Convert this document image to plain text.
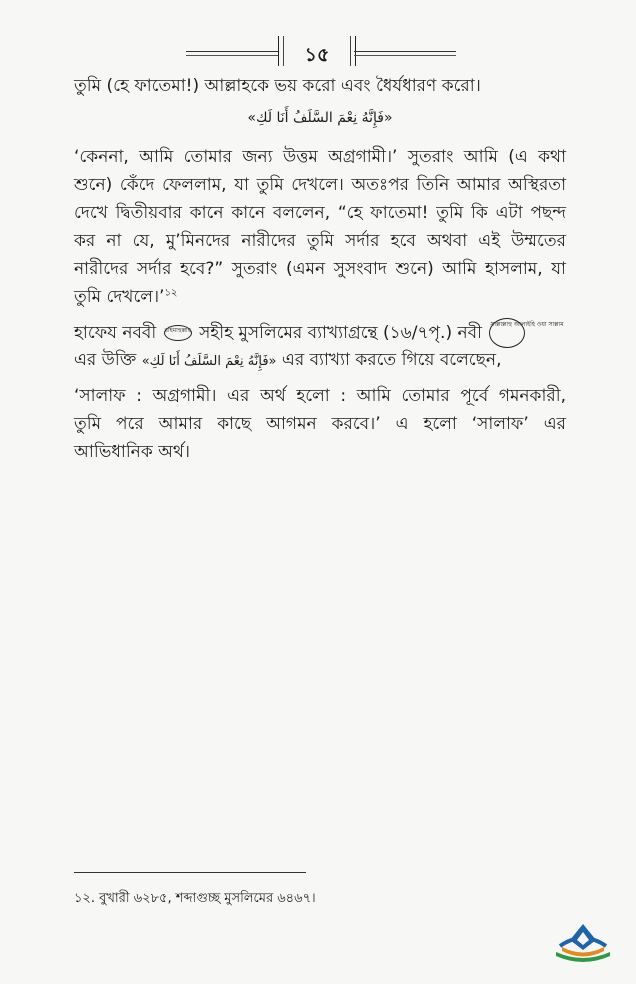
১৫
তুমি (হে ফাতেমা!) আল্লাহকে ভয় করো এবং ধৈর্যধারণ করো।
«فَإِنَّهُ نِعْمَ السَّلَفُ أَنَا لَكِ»
‘কেননা, আমি তোমার জন্য উত্তম অগ্রগামী।’ সুতরাং আমি (এ কথা
শুনে) কেঁদে ফেললাম, যা তুমি দেখলে। অতঃপর তিনি আমার অস্থিরতা
দেখে দ্বিতীয়বার কানে কানে বললেন, “হে ফাতেমা! তুমি কি এটা পছন্দ
কর না যে, মু’মিনদের নারীদের তুমি সর্দার হবে অথবা এই উম্মতের
নারীদের সর্দার হবে?” সুতরাং (এমন সুসংবাদ শুনে) আমি হাসলাম, যা
তুমি দেখলে।’$^{১২}$
হাফেয নববী রহিমাহুল্লাহ সহীহ মুসলিমের ব্যাখ্যাগ্রন্থে (১৬/৭পৃ.) নবী সাল্লাল্লাহু আলাইহি ওয়া সাল্লাম
এর উক্তি «فَإِنَّهُ نِعْمَ السَّلَفُ أَنَا لَكِ» এর ব্যাখ্যা করতে গিয়ে বলেছেন,
‘সালাফ : অগ্রগামী। এর অর্থ হলো : আমি তোমার পূর্বে গমনকারী,
তুমি পরে আমার কাছে আগমন করবে।’ এ হলো ‘সালাফ’ এর
আভিধানিক অর্থ।
১২. বুখারী ৬২৮৫, শব্দাগুচ্ছ মুসলিমের ৬৪৬৭।
